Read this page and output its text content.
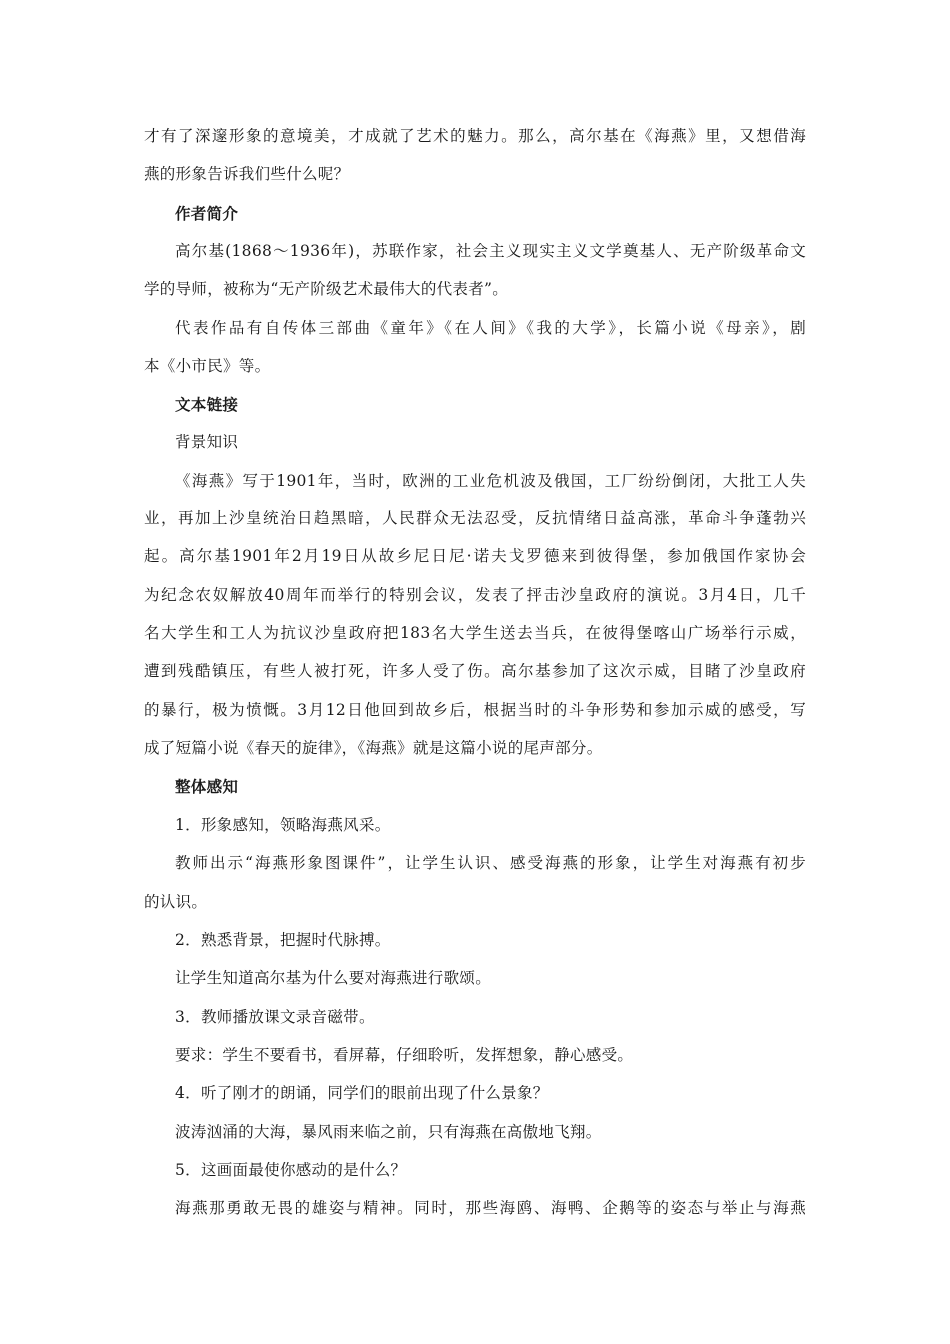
才有了深邃形象的意境美，才成就了艺术的魅力。那么，高尔基在《海燕》里，又想借海
燕的形象告诉我们些什么呢？
作者简介
高尔基(1868～1936年)，苏联作家，社会主义现实主义文学奠基人、无产阶级革命文
学的导师，被称为“无产阶级艺术最伟大的代表者”。
代表作品有自传体三部曲《童年》《在人间》《我的大学》，长篇小说《母亲》，剧
本《小市民》等。
文本链接
背景知识
《海燕》写于1901年，当时，欧洲的工业危机波及俄国，工厂纷纷倒闭，大批工人失
业，再加上沙皇统治日趋黑暗，人民群众无法忍受，反抗情绪日益高涨，革命斗争蓬勃兴
起。高尔基1901年2月19日从故乡尼日尼·诺夫戈罗德来到彼得堡，参加俄国作家协会
为纪念农奴解放40周年而举行的特别会议，发表了抨击沙皇政府的演说。3月4日，几千
名大学生和工人为抗议沙皇政府把183名大学生送去当兵，在彼得堡喀山广场举行示威，
遭到残酷镇压，有些人被打死，许多人受了伤。高尔基参加了这次示威，目睹了沙皇政府
的暴行，极为愤慨。3月12日他回到故乡后，根据当时的斗争形势和参加示威的感受，写
成了短篇小说《春天的旋律》，《海燕》就是这篇小说的尾声部分。
整体感知
1．形象感知，领略海燕风采。
教师出示“海燕形象图课件”，让学生认识、感受海燕的形象，让学生对海燕有初步
的认识。
2．熟悉背景，把握时代脉搏。
让学生知道高尔基为什么要对海燕进行歌颂。
3．教师播放课文录音磁带。
要求：学生不要看书，看屏幕，仔细聆听，发挥想象，静心感受。
4．听了刚才的朗诵，同学们的眼前出现了什么景象？
波涛汹涌的大海，暴风雨来临之前，只有海燕在高傲地飞翔。
5．这画面最使你感动的是什么？
海燕那勇敢无畏的雄姿与精神。同时，那些海鸥、海鸭、企鹅等的姿态与举止与海燕
